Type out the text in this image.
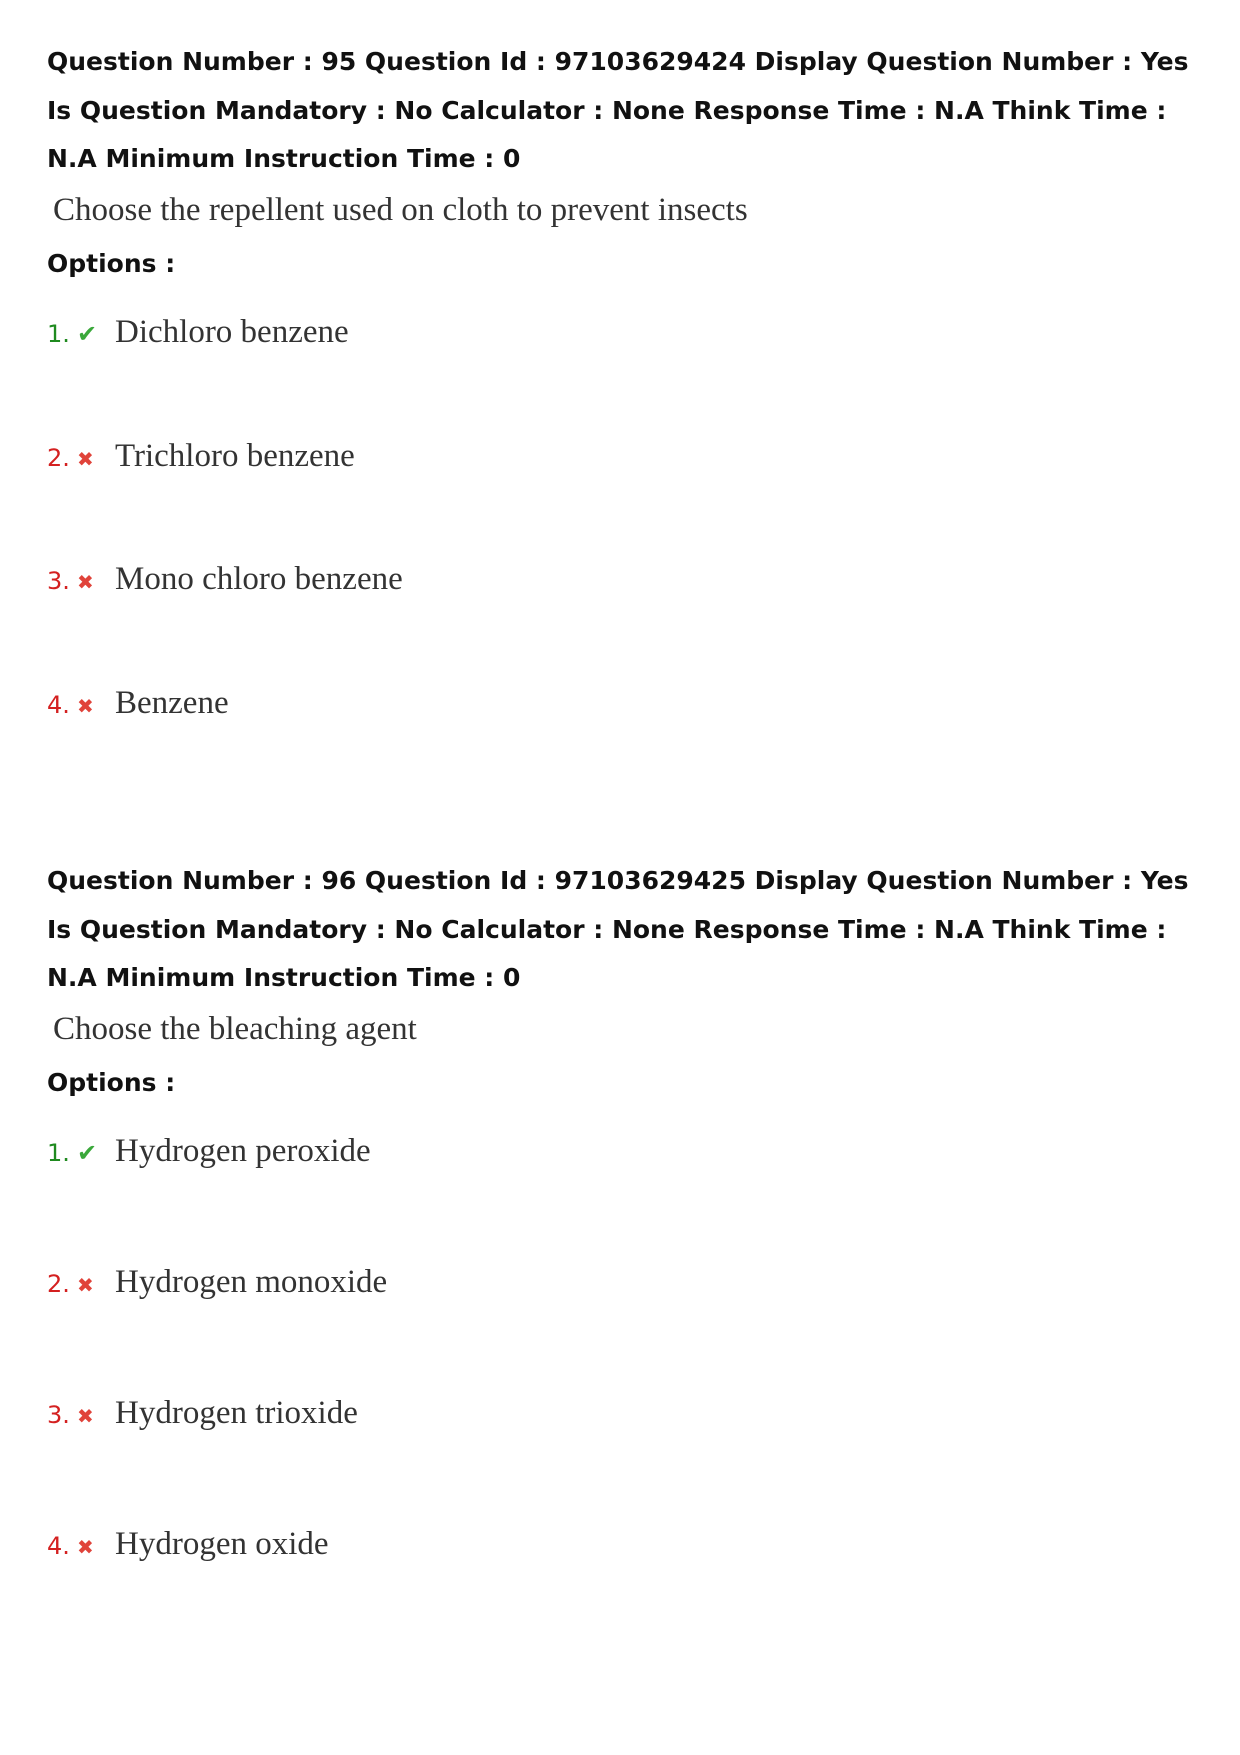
Question Number : 95 Question Id : 97103629424 Display Question Number : Yes Is Question Mandatory : No Calculator : None Response Time : N.A Think Time : N.A Minimum Instruction Time : 0

Choose the repellent used on cloth to prevent insects
Options :
1. ✔ Dichloro benzene
2. ✖ Trichloro benzene
3. ✖ Mono chloro benzene
4. ✖ Benzene

Question Number : 96 Question Id : 97103629425 Display Question Number : Yes Is Question Mandatory : No Calculator : None Response Time : N.A Think Time : N.A Minimum Instruction Time : 0

Choose the bleaching agent
Options :
1. ✔ Hydrogen peroxide
2. ✖ Hydrogen monoxide
3. ✖ Hydrogen trioxide
4. ✖ Hydrogen oxide
